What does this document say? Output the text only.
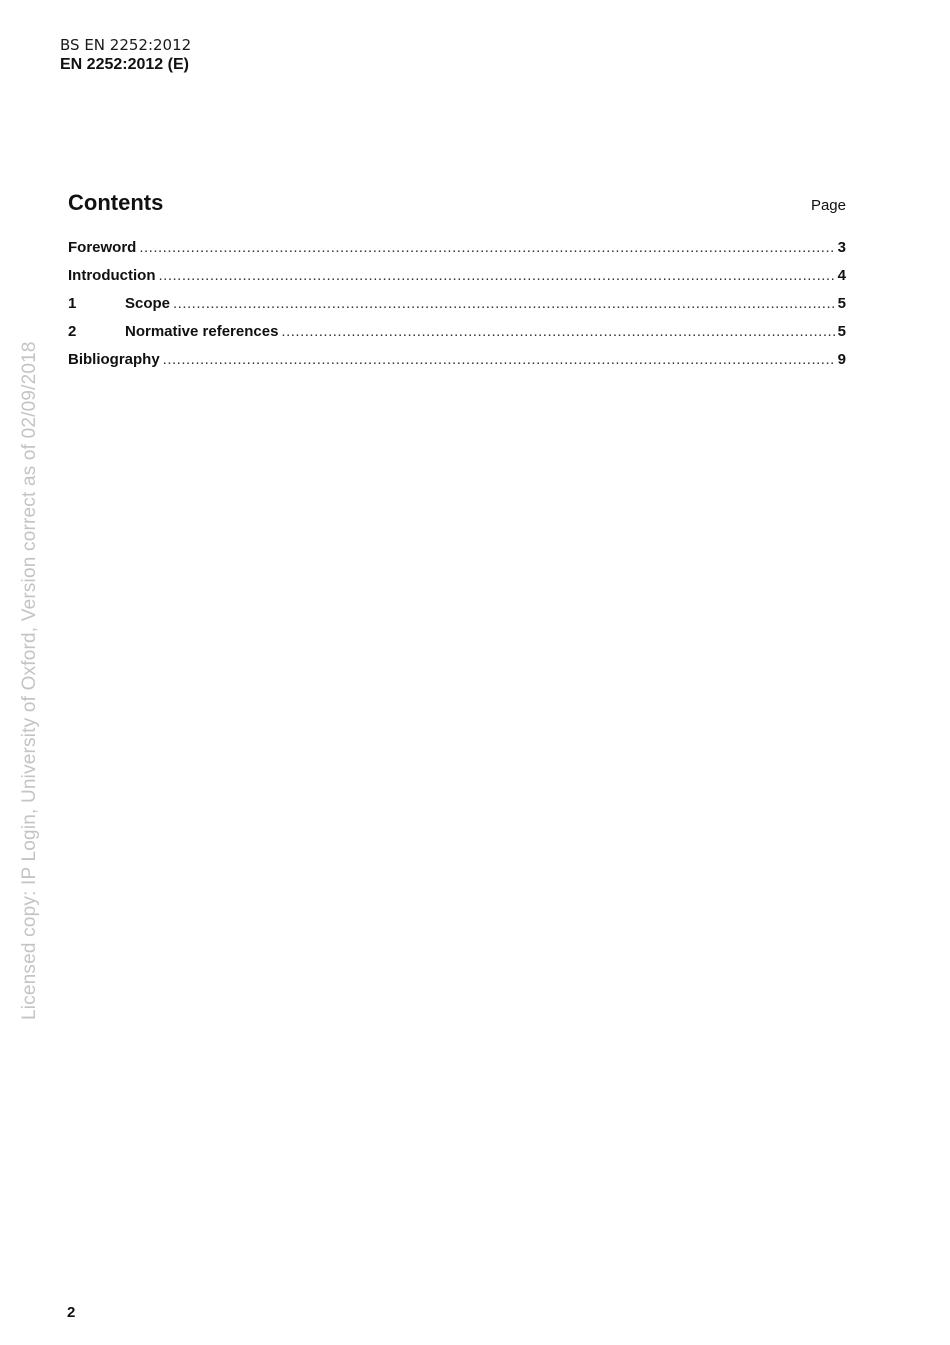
BS EN 2252:2012
EN 2252:2012 (E)
Contents	Page
Foreword .....	3
Introduction .....	4
1	Scope .....	5
2	Normative references .....	5
Bibliography .....	9
Licensed copy: IP Login, University of Oxford, Version correct as of 02/09/2018
2
